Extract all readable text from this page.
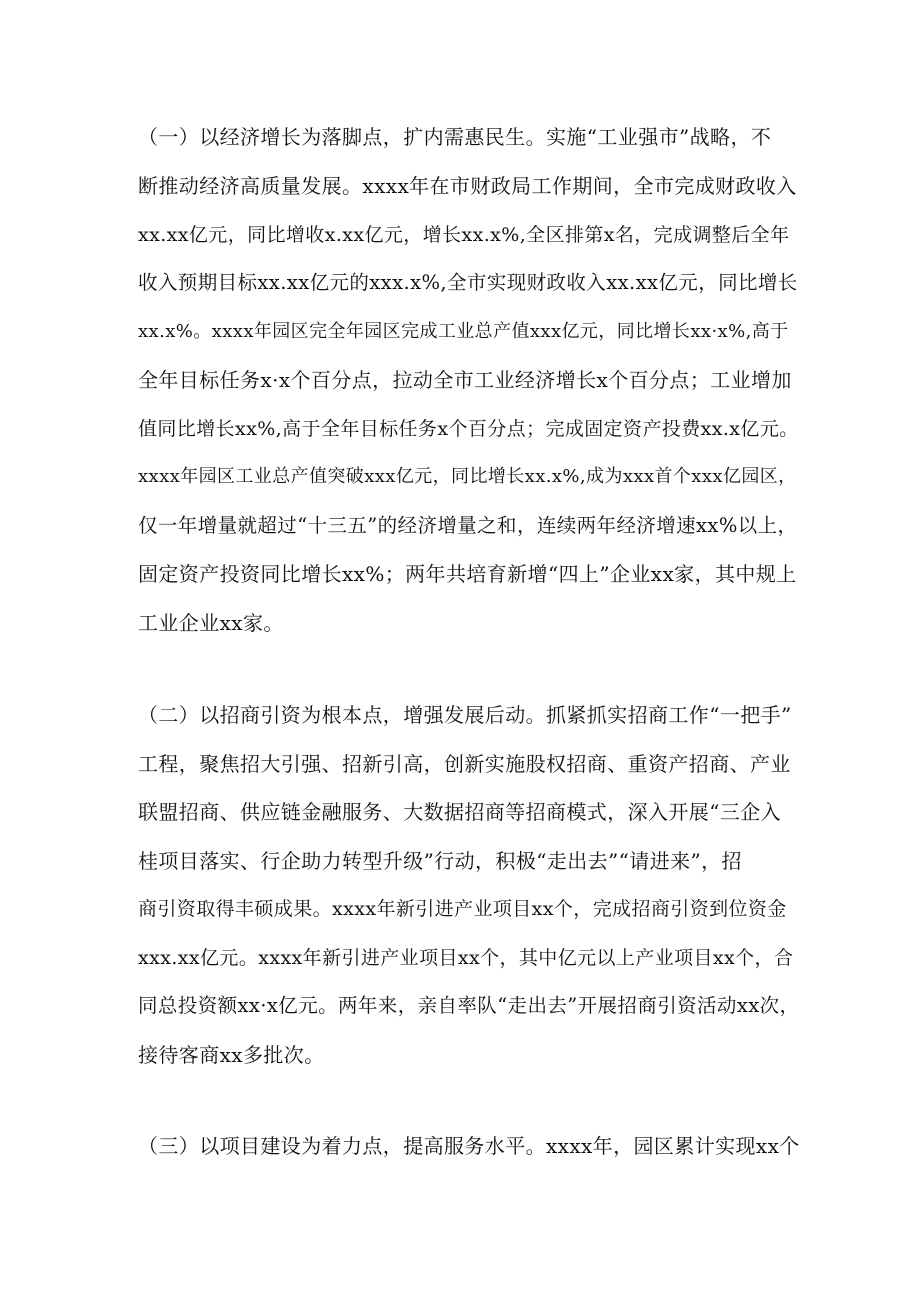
（一）以经济增长为落脚点，扩内需惠民生。实施“工业强市”战略，不
断推动经济高质量发展。xxxx年在市财政局工作期间，全市完成财政收入
xx.xx亿元，同比增收x.xx亿元，增长xx.x%,全区排第x名，完成调整后全年
收入预期目标xx.xx亿元的xxx.x%,全市实现财政收入xx.xx亿元，同比增长
xx.x%。xxxx年园区完全年园区完成工业总产值xxx亿元，同比增长xx·x%,高于
全年目标任务x·x个百分点，拉动全市工业经济增长x个百分点；工业增加
值同比增长xx%,高于全年目标任务x个百分点；完成固定资产投费xx.x亿元。
xxxx年园区工业总产值突破xxx亿元，同比增长xx.x%,成为xxx首个xxx亿园区，
仅一年增量就超过“十三五”的经济增量之和，连续两年经济增速xx%以上，
固定资产投资同比增长xx%；两年共培育新增“四上”企业xx家，其中规上
工业企业xx家。
（二）以招商引资为根本点，增强发展后动。抓紧抓实招商工作“一把手”
工程，聚焦招大引强、招新引高，创新实施股权招商、重资产招商、产业
联盟招商、供应链金融服务、大数据招商等招商模式，深入开展“三企入
桂项目落实、行企助力转型升级”行动，积极“走出去”“请进来”，招
商引资取得丰硕成果。xxxx年新引进产业项目xx个，完成招商引资到位资金
xxx.xx亿元。xxxx年新引进产业项目xx个，其中亿元以上产业项目xx个，合
同总投资额xx·x亿元。两年来，亲自率队“走出去”开展招商引资活动xx次，
接待客商xx多批次。
（三）以项目建设为着力点，提高服务水平。xxxx年，园区累计实现xx个
